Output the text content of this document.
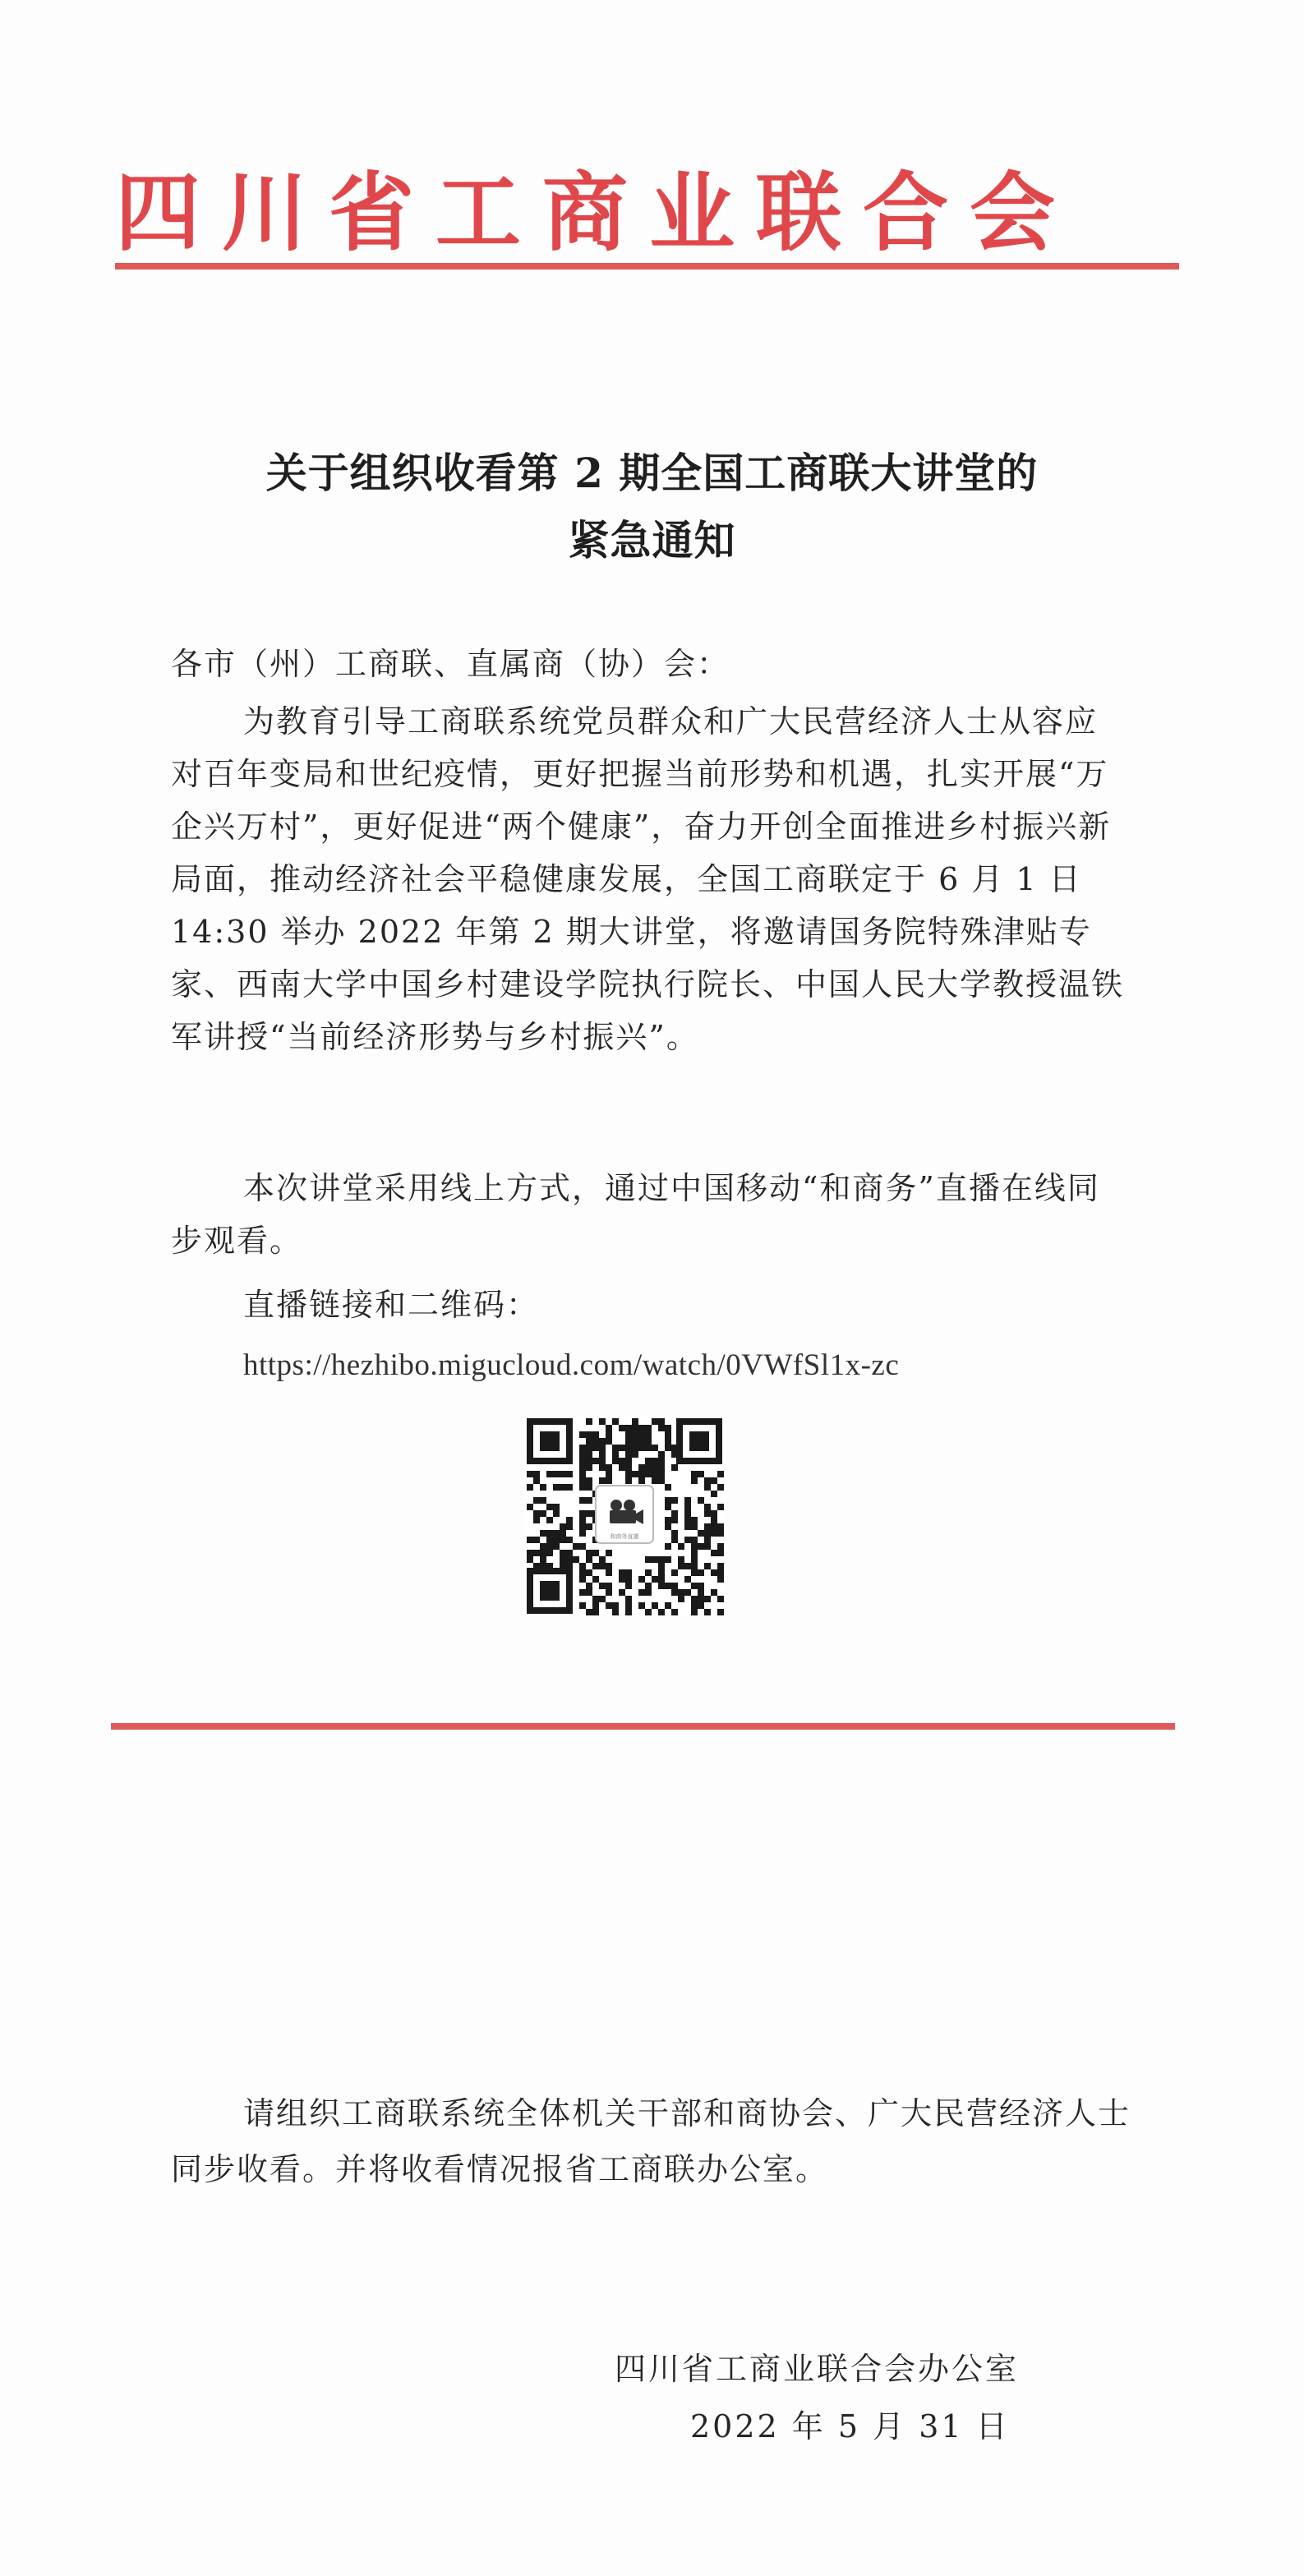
四川省工商业联合会
关于组织收看第 2 期全国工商联大讲堂的
紧急通知
各市（州）工商联、直属商（协）会：
为教育引导工商联系统党员群众和广大民营经济人士从容应对百年变局和世纪疫情，更好把握当前形势和机遇，扎实开展“万企兴万村”，更好促进“两个健康”，奋力开创全面推进乡村振兴新局面，推动经济社会平稳健康发展，全国工商联定于 6 月 1 日 14:30 举办 2022 年第 2 期大讲堂，将邀请国务院特殊津贴专家、西南大学中国乡村建设学院执行院长、中国人民大学教授温铁军讲授“当前经济形势与乡村振兴”。
本次讲堂采用线上方式，通过中国移动“和商务”直播在线同步观看。
直播链接和二维码：
https://hezhibo.migucloud.com/watch/0VWfSl1x-zc
和商务直播
请组织工商联系统全体机关干部和商协会、广大民营经济人士同步收看。并将收看情况报省工商联办公室。
四川省工商业联合会办公室
2022 年 5 月 31 日
